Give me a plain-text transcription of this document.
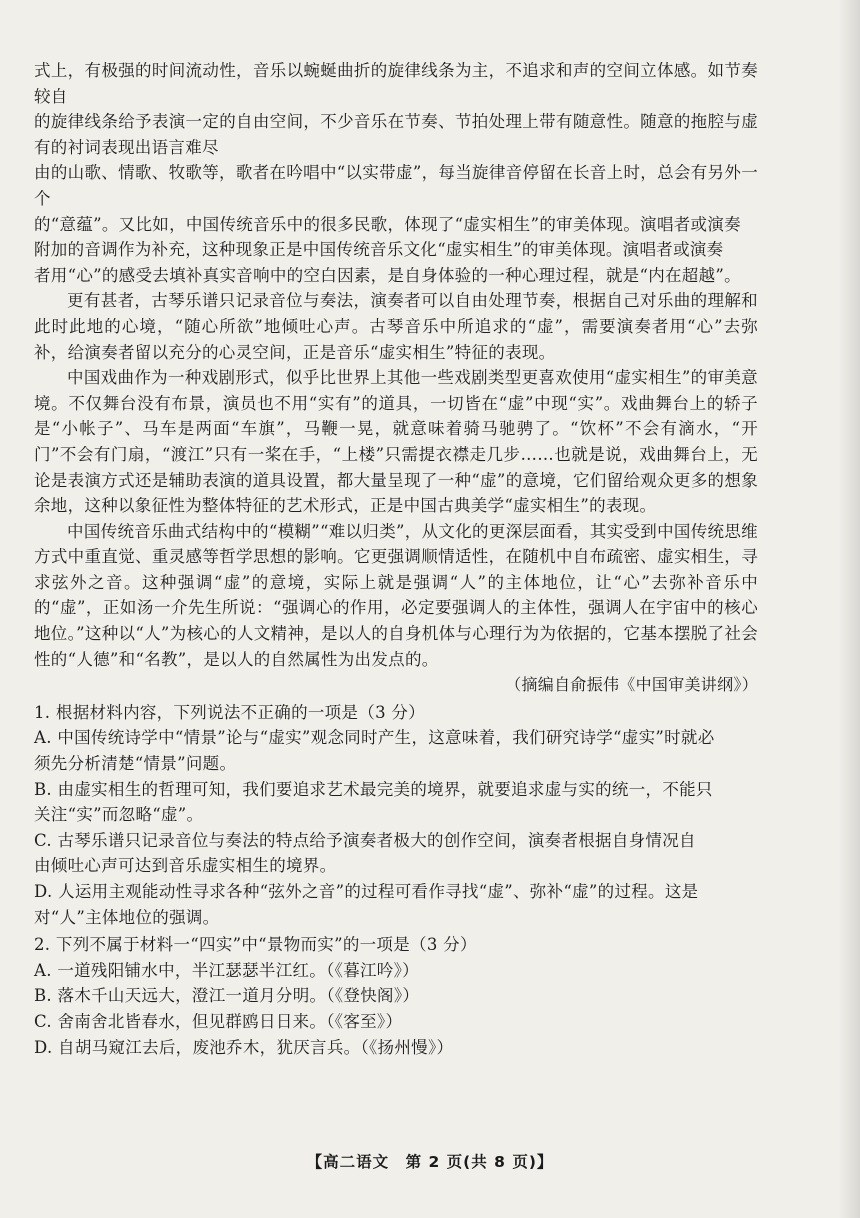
式上，有极强的时间流动性，音乐以蜿蜒曲折的旋律线条为主，不追求和声的空间立体感。如节奏较自

的旋律线条给予表演一定的自由空间，不少音乐在节奏、节拍处理上带有随意性。随意的拖腔与虚有的衬词表现出语言难尽

由的山歌、情歌、牧歌等，歌者在吟唱中“以实带虚”，每当旋律音停留在长音上时，总会有另外一个

的“意蕴”。又比如，中国传统音乐中的很多民歌，体现了“虚实相生”的审美体现。演唱者或演奏

附加的音调作为补充，这种现象正是中国传统音乐文化“虚实相生”的审美体现。演唱者或演奏

者用“心”的感受去填补真实音响中的空白因素，是自身体验的一种心理过程，就是“内在超越”。

更有甚者，古琴乐谱只记录音位与奏法，演奏者可以自由处理节奏，根据自己对乐曲的理解和此时此地的心境，“随心所欲”地倾吐心声。古琴音乐中所追求的“虚”，需要演奏者用“心”去弥补，给演奏者留以充分的心灵空间，正是音乐“虚实相生”特征的表现。

中国戏曲作为一种戏剧形式，似乎比世界上其他一些戏剧类型更喜欢使用“虚实相生”的审美意境。不仅舞台没有布景，演员也不用“实有”的道具，一切皆在“虚”中现“实”。戏曲舞台上的轿子是“小帐子”、马车是两面“车旗”，马鞭一晃，就意味着骑马驰骋了。“饮杯”不会有滴水，“开门”不会有门扇，“渡江”只有一桨在手，“上楼”只需提衣襟走几步……也就是说，戏曲舞台上，无论是表演方式还是辅助表演的道具设置，都大量呈现了一种“虚”的意境，它们留给观众更多的想象余地，这种以象征性为整体特征的艺术形式，正是中国古典美学“虚实相生”的表现。

中国传统音乐曲式结构中的“模糊”“难以归类”，从文化的更深层面看，其实受到中国传统思维方式中重直觉、重灵感等哲学思想的影响。它更强调顺情适性，在随机中自布疏密、虚实相生，寻求弦外之音。这种强调“虚”的意境，实际上就是强调“人”的主体地位，让“心”去弥补音乐中的“虚”，正如汤一介先生所说：“强调心的作用，必定要强调人的主体性，强调人在宇宙中的核心地位。”这种以“人”为核心的人文精神，是以人的自身机体与心理行为为依据的，它基本摆脱了社会性的“人德”和“名教”，是以人的自然属性为出发点的。

（摘编自俞振伟《中国审美讲纲》）

1. 根据材料内容，下列说法不正确的一项是（3 分）

A. 中国传统诗学中“情景”论与“虚实”观念同时产生，这意味着，我们研究诗学“虚实”时就必

须先分析清楚“情景”问题。

B. 由虚实相生的哲理可知，我们要追求艺术最完美的境界，就要追求虚与实的统一，不能只

关注“实”而忽略“虚”。

C. 古琴乐谱只记录音位与奏法的特点给予演奏者极大的创作空间，演奏者根据自身情况自

由倾吐心声可达到音乐虚实相生的境界。

D. 人运用主观能动性寻求各种“弦外之音”的过程可看作寻找“虚”、弥补“虚”的过程。这是

对“人”主体地位的强调。

2. 下列不属于材料一“四实”中“景物而实”的一项是（3 分）

A. 一道残阳铺水中，半江瑟瑟半江红。（《暮江吟》）

B. 落木千山天远大，澄江一道月分明。（《登快阁》）

C. 舍南舍北皆春水，但见群鸥日日来。（《客至》）

D. 自胡马窥江去后，废池乔木，犹厌言兵。（《扬州慢》）

【高二语文　第 2 页(共 8 页)】
